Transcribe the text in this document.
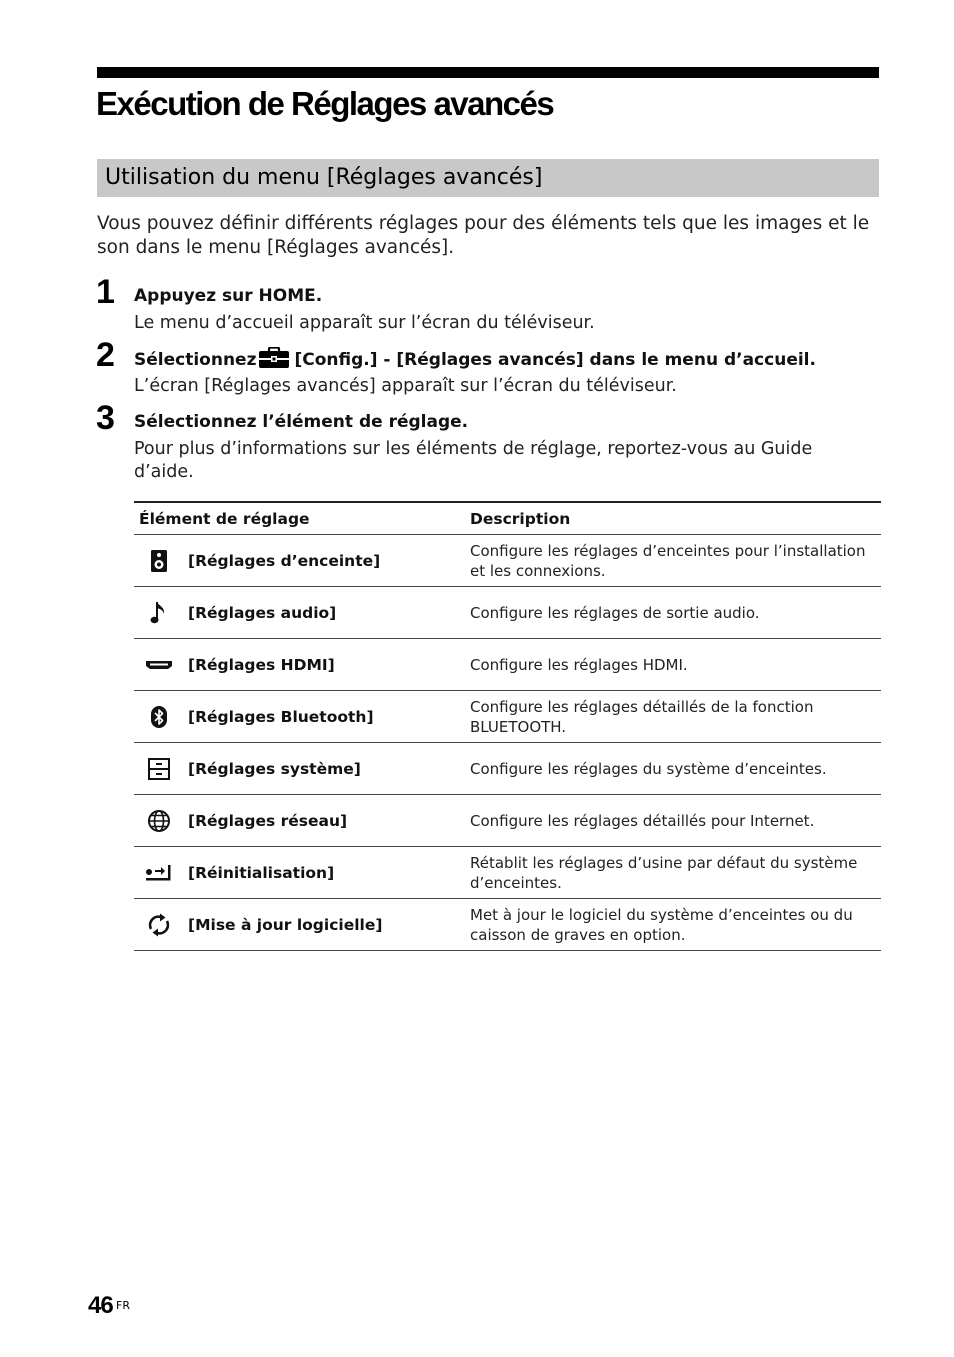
Exécution de Réglages avancés
Utilisation du menu [Réglages avancés]

Vous pouvez définir différents réglages pour des éléments tels que les images et le son dans le menu [Réglages avancés].

1 Appuyez sur HOME.

Le menu d’accueil apparaît sur l’écran du téléviseur.

2 Sélectionnez [Config.] - [Réglages avancés] dans le menu d’accueil.

L’écran [Réglages avancés] apparaît sur l’écran du téléviseur.

3 Sélectionnez l’élément de réglage.

Pour plus d’informations sur les éléments de réglage, reportez-vous au Guide d’aide.

Élément de réglage		Description

	[Réglages d’enceinte]	Configure les réglages d’enceintes pour l’installation et les connexions.

	[Réglages audio]	Configure les réglages de sortie audio.

	[Réglages HDMI]	Configure les réglages HDMI.

	[Réglages Bluetooth]	Configure les réglages détaillés de la fonction BLUETOOTH.

	[Réglages système]	Configure les réglages du système d’enceintes.

	[Réglages réseau]	Configure les réglages détaillés pour Internet.

	[Réinitialisation]	Rétablit les réglages d’usine par défaut du système d’enceintes.

	[Mise à jour logicielle]	Met à jour le logiciel du système d’enceintes ou du caisson de graves en option.
46 FR
